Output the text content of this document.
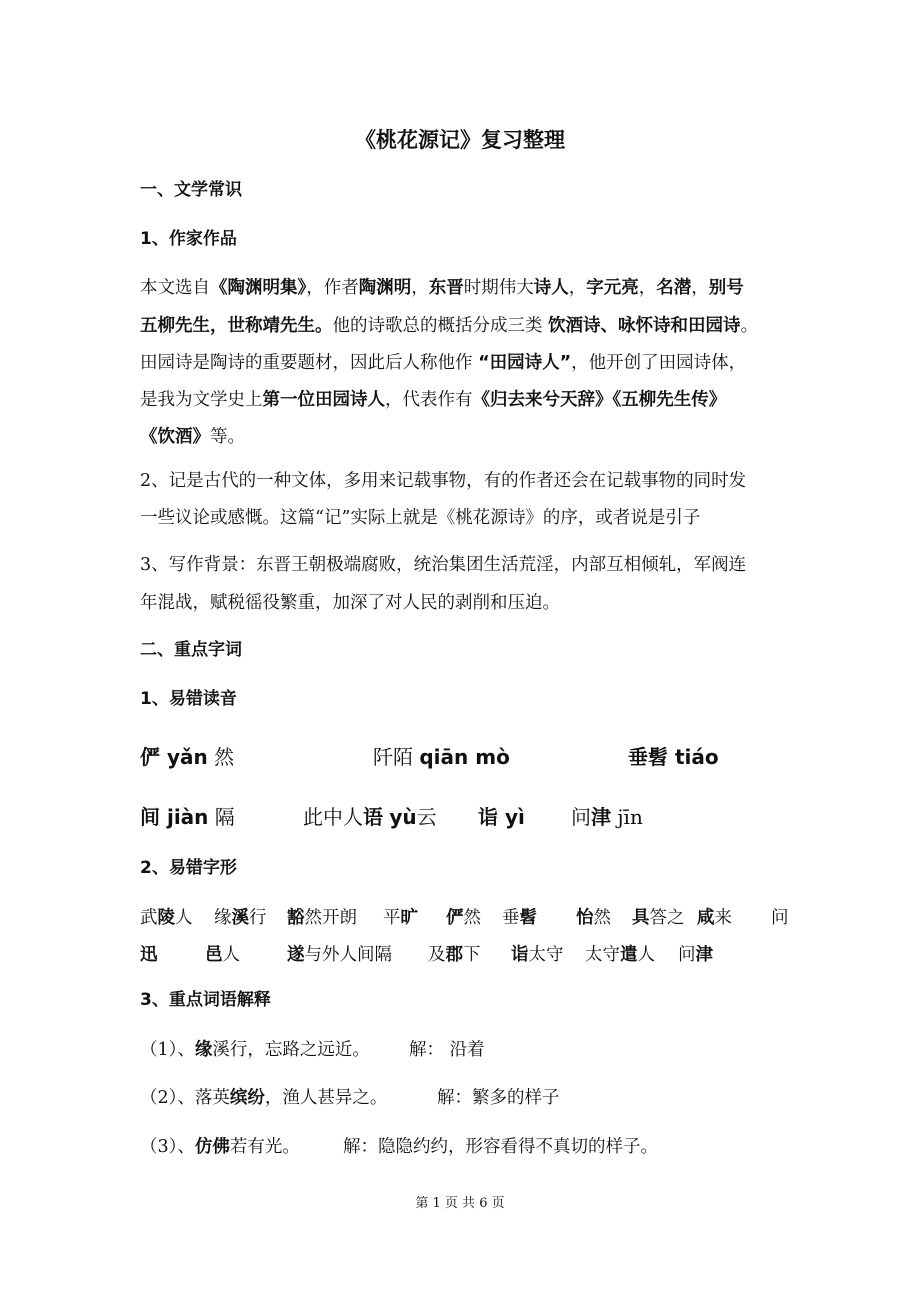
《桃花源记》复习整理
一、文学常识
1、作家作品
本文选自《陶渊明集》，作者陶渊明，东晋时期伟大诗人，字元亮，名潜，别号
五柳先生，世称靖先生。他的诗歌总的概括分成三类 饮酒诗、咏怀诗和田园诗。
田园诗是陶诗的重要题材，因此后人称他作 “田园诗人”，他开创了田园诗体，
是我为文学史上第一位田园诗人，代表作有《归去来兮天辞》《五柳先生传》
《饮酒》等。
2、记是古代的一种文体，多用来记载事物，有的作者还会在记载事物的同时发
一些议论或感慨。这篇“记”实际上就是《桃花源诗》的序，或者说是引子
3、写作背景：东晋王朝极端腐败，统治集团生活荒淫，内部互相倾轧，军阀连
年混战，赋税徭役繁重，加深了对人民的剥削和压迫。
二、重点字词
1、易错读音
俨 yǎn 然	阡陌 qiān mò	垂髫 tiáo
间 jiàn 隔	此中人语 yù云 诣 yì 问津 jīn
2、易错字形
武陵人 缘溪行 豁然开朗 平旷 俨然 垂髫 怡然 具答之 咸来 问
迅	邑人	遂与外人间隔 及郡下 诣太守 太守遣人 问津
3、重点词语解释
（1）、缘溪行，忘路之远近。 解： 沿着
（2）、落英缤纷，渔人甚异之。	解：繁多的样子
（3）、仿佛若有光。 解：隐隐约约，形容看得不真切的样子。
第 1 页 共 6 页
